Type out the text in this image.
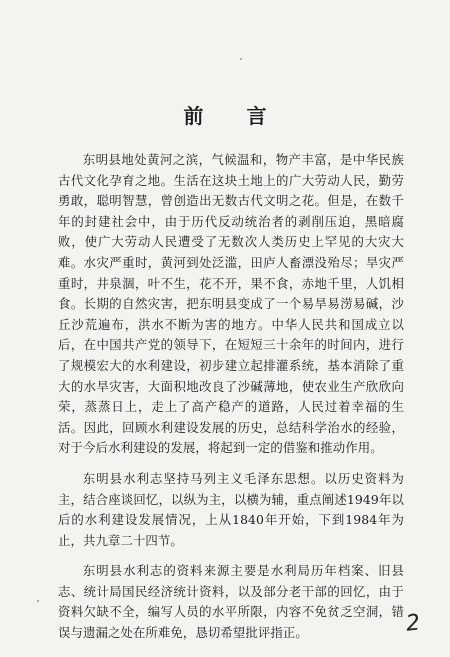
前 言

东明县地处黄河之滨，气候温和，物产丰富，是中华民族古代文化孕育之地。生活在这块土地上的广大劳动人民，勤劳勇敢，聪明智慧，曾创造出无数古代文明之花。但是，在数千年的封建社会中，由于历代反动统治者的剥削压迫，黑暗腐败，使广大劳动人民遭受了无数次人类历史上罕见的大灾大难。水灾严重时，黄河到处泛滥，田庐人畜漂没殆尽；旱灾严重时，井泉涸，叶不生，花不开，果不食，赤地千里，人饥相食。长期的自然灾害，把东明县变成了一个易旱易涝易碱，沙丘沙荒遍布，洪水不断为害的地方。中华人民共和国成立以后，在中国共产党的领导下，在短短三十余年的时间内，进行了规模宏大的水利建设，初步建立起排灌系统，基本消除了重大的水旱灾害，大面积地改良了沙碱薄地，使农业生产欣欣向荣，蒸蒸日上，走上了高产稳产的道路，人民过着幸福的生活。因此，回顾水利建设发展的历史，总结科学治水的经验，对于今后水利建设的发展，将起到一定的借鉴和推动作用。

东明县水利志坚持马列主义毛泽东思想。以历史资料为主，结合座谈回忆，以纵为主，以横为辅，重点阐述1949年以后的水利建设发展情况，上从1840年开始，下到1984年为止，共九章二十四节。

东明县水利志的资料来源主要是水利局历年档案、旧县志、统计局国民经济统计资料，以及部分老干部的回忆，由于资料欠缺不全，编写人员的水平所限，内容不免贫乏空洞，错误与遗漏之处在所难免，恳切希望批评指正。	2
